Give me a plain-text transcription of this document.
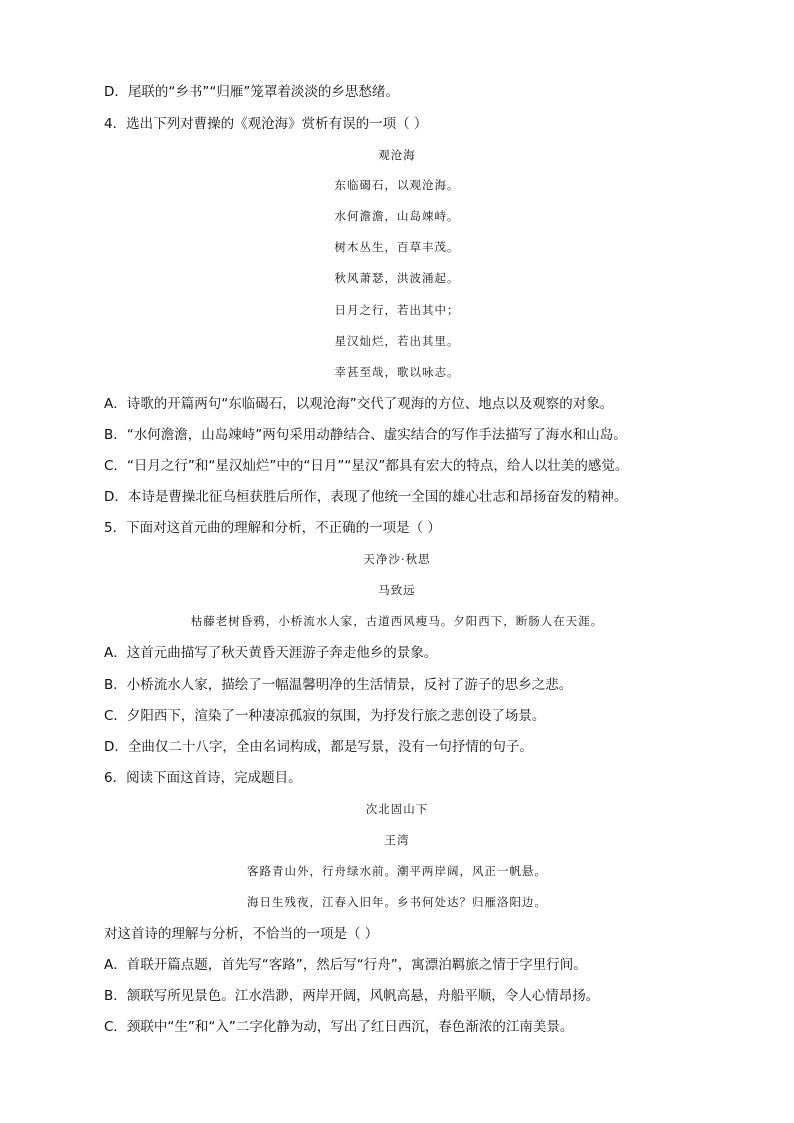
D．尾联的“乡书”“归雁”笼罩着淡淡的乡思愁绪。
4．选出下列对曹操的《观沧海》赏析有误的一项（ ）
观沧海
东临碣石，以观沧海。
水何澹澹，山岛竦峙。
树木丛生，百草丰茂。
秋风萧瑟，洪波涌起。
日月之行，若出其中；
星汉灿烂，若出其里。
幸甚至哉，歌以咏志。
A．诗歌的开篇两句“东临碣石，以观沧海”交代了观海的方位、地点以及观察的对象。
B．“水何澹澹，山岛竦峙”两句采用动静结合、虚实结合的写作手法描写了海水和山岛。
C．“日月之行”和“星汉灿烂”中的“日月”“星汉”都具有宏大的特点，给人以壮美的感觉。
D．本诗是曹操北征乌桓获胜后所作，表现了他统一全国的雄心壮志和昂扬奋发的精神。
5．下面对这首元曲的理解和分析，不正确的一项是（ ）
天净沙·秋思
马致远
枯藤老树昏鸦，小桥流水人家，古道西风瘦马。夕阳西下，断肠人在天涯。
A．这首元曲描写了秋天黄昏天涯游子奔走他乡的景象。
B．小桥流水人家，描绘了一幅温馨明净的生活情景，反衬了游子的思乡之悲。
C．夕阳西下，渲染了一种凄凉孤寂的氛围，为抒发行旅之悲创设了场景。
D．全曲仅二十八字，全由名词构成，都是写景，没有一句抒情的句子。
6．阅读下面这首诗，完成题目。
次北固山下
王湾
客路青山外，行舟绿水前。潮平两岸阔，风正一帆悬。
海日生残夜，江春入旧年。乡书何处达？归雁洛阳边。
对这首诗的理解与分析，不恰当的一项是（ ）
A．首联开篇点题，首先写“客路”，然后写“行舟”，寓漂泊羁旅之情于字里行间。
B．颔联写所见景色。江水浩渺，两岸开阔，风帆高悬，舟船平顺，令人心情昂扬。
C．颈联中“生”和“入”二字化静为动，写出了红日西沉，春色渐浓的江南美景。
